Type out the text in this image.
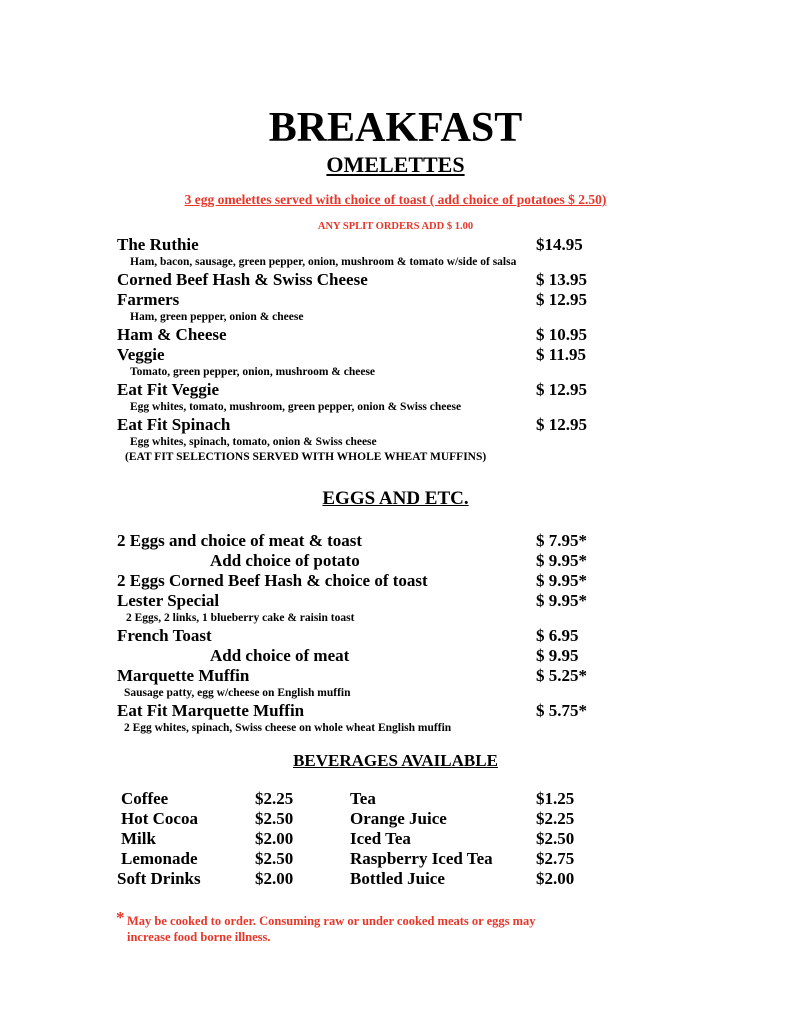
BREAKFAST
OMELETTES
3 egg omelettes served with choice of toast ( add choice of potatoes $ 2.50)
ANY SPLIT ORDERS ADD $ 1.00
The Ruthie	$14.95
Ham, bacon, sausage, green pepper, onion, mushroom & tomato w/side of salsa
Corned Beef Hash & Swiss Cheese	$ 13.95
Farmers	$ 12.95
Ham, green pepper, onion & cheese
Ham & Cheese	$ 10.95
Veggie	$ 11.95
Tomato, green pepper, onion, mushroom & cheese
Eat Fit Veggie	$ 12.95
Egg whites, tomato, mushroom, green pepper, onion & Swiss cheese
Eat Fit Spinach	$ 12.95
Egg whites, spinach, tomato, onion & Swiss cheese
(EAT FIT SELECTIONS SERVED WITH WHOLE WHEAT MUFFINS)
EGGS AND ETC.
2 Eggs and choice of meat & toast	$ 7.95*
Add choice of potato	$ 9.95*
2 Eggs Corned Beef Hash & choice of toast	$ 9.95*
Lester Special	$ 9.95*
2 Eggs, 2 links, 1 blueberry cake & raisin toast
French Toast	$ 6.95
Add choice of meat	$ 9.95
Marquette Muffin	$ 5.25*
Sausage patty, egg w/cheese on English muffin
Eat Fit Marquette Muffin	$ 5.75*
2 Egg whites, spinach, Swiss cheese on whole wheat English muffin
BEVERAGES AVAILABLE
Coffee	$2.25	Tea	$1.25
Hot Cocoa	$2.50	Orange Juice	$2.25
Milk	$2.00	Iced Tea	$2.50
Lemonade	$2.50	Raspberry Iced Tea	$2.75
Soft Drinks	$2.00	Bottled Juice	$2.00
* May be cooked to order. Consuming raw or under cooked meats or eggs may
increase food borne illness.
